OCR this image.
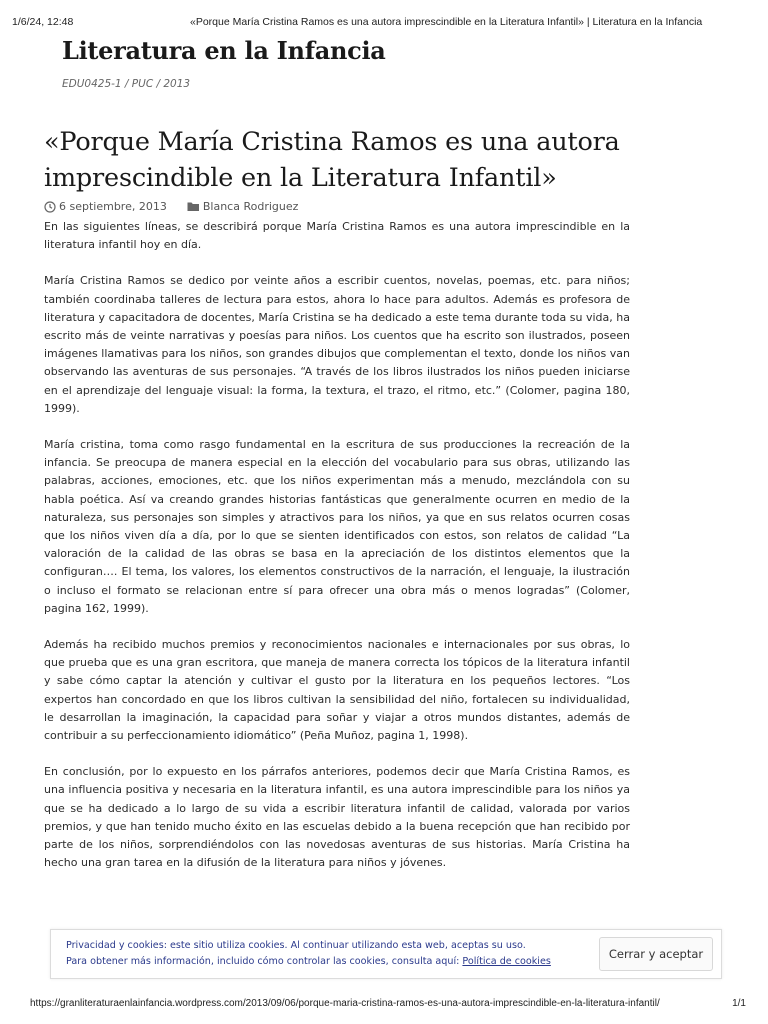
1/6/24, 12:48	«Porque María Cristina Ramos es una autora imprescindible en la Literatura Infantil» | Literatura en la Infancia
Literatura en la Infancia
EDU0425-1 / PUC / 2013
«Porque María Cristina Ramos es una autora imprescindible en la Literatura Infantil»
6 septiembre, 2013	Blanca Rodriguez

En las siguientes líneas, se describirá porque María Cristina Ramos es una autora imprescindible en la literatura infantil hoy en día.

María Cristina Ramos se dedico por veinte años a escribir cuentos, novelas, poemas, etc. para niños; también coordinaba talleres de lectura para estos, ahora lo hace para adultos. Además es profesora de literatura y capacitadora de docentes, María Cristina se ha dedicado a este tema durante toda su vida, ha escrito más de veinte narrativas y poesías para niños. Los cuentos que ha escrito son ilustrados, poseen imágenes llamativas para los niños, son grandes dibujos que complementan el texto, donde los niños van observando las aventuras de sus personajes. “A través de los libros ilustrados los niños pueden iniciarse en el aprendizaje del lenguaje visual: la forma, la textura, el trazo, el ritmo, etc.” (Colomer, pagina 180, 1999).

María cristina, toma como rasgo fundamental en la escritura de sus producciones la recreación de la infancia. Se preocupa de manera especial en la elección del vocabulario para sus obras, utilizando las palabras, acciones, emociones, etc. que los niños experimentan más a menudo, mezclándola con su habla poética. Así va creando grandes historias fantásticas que generalmente ocurren en medio de la naturaleza, sus personajes son simples y atractivos para los niños, ya que en sus relatos ocurren cosas que los niños viven día a día, por lo que se sienten identificados con estos, son relatos de calidad “La valoración de la calidad de las obras se basa en la apreciación de los distintos elementos que la configuran…. El tema, los valores, los elementos constructivos de la narración, el lenguaje, la ilustración o incluso el formato se relacionan entre sí para ofrecer una obra más o menos logradas” (Colomer, pagina 162, 1999).

Además ha recibido muchos premios y reconocimientos nacionales e internacionales por sus obras, lo que prueba que es una gran escritora, que maneja de manera correcta los tópicos de la literatura infantil y sabe cómo captar la atención y cultivar el gusto por la literatura en los pequeños lectores. “Los expertos han concordado en que los libros cultivan la sensibilidad del niño, fortalecen su individualidad, le desarrollan la imaginación, la capacidad para soñar y viajar a otros mundos distantes, además de contribuir a su perfeccionamiento idiomático” (Peña Muñoz, pagina 1, 1998).

En conclusión, por lo expuesto en los párrafos anteriores, podemos decir que María Cristina Ramos, es una influencia positiva y necesaria en la literatura infantil, es una autora imprescindible para los niños ya que se ha dedicado a lo largo de su vida a escribir literatura infantil de calidad, valorada por varios premios, y que han tenido mucho éxito en las escuelas debido a la buena recepción que han recibido por parte de los niños, sorprendiéndolos con las novedosas aventuras de sus historias. María Cristina ha hecho una gran tarea en la difusión de la literatura para niños y jóvenes.

Privacidad y cookies: este sitio utiliza cookies. Al continuar utilizando esta web, aceptas su uso.
Para obtener más información, incluido cómo controlar las cookies, consulta aquí: Política de cookies
Cerrar y aceptar
https://granliteraturaenlainfancia.wordpress.com/2013/09/06/porque-maria-cristina-ramos-es-una-autora-imprescindible-en-la-literatura-infantil/	1/1
